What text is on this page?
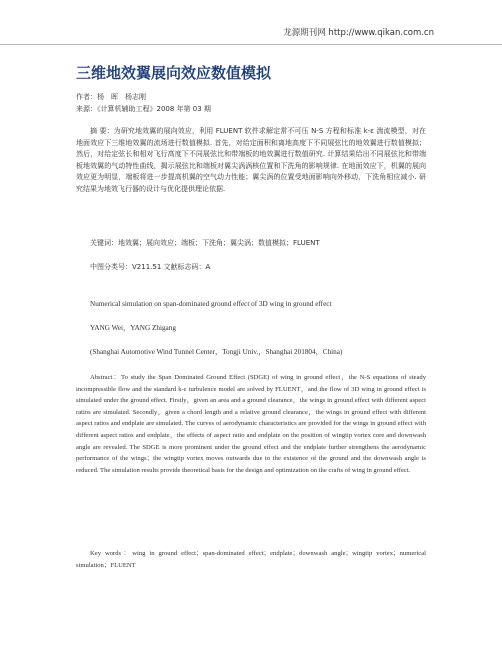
龙源期刊网 http://www.qikan.com.cn
三维地效翼展向效应数值模拟
作者：杨　晖　杨志刚
来源：《计算机辅助工程》2008 年第 03 期

摘 要：为研究地效翼的展向效应，利用 FLUENT 软件求解定常不可压 N-S 方程和标准 k-ε 湍流模型，对在地面效应下三维地效翼的流场进行数值模拟. 首先，对给定面积和离地高度下不同展弦比的地效翼进行数值模拟；然后，对给定弦长和相对飞行高度下不同展弦比和带端板的地效翼进行数值研究. 计算结果给出不同展弦比和带端板地效翼的气动特性曲线，揭示展弦比和端板对翼尖涡涡核位置和下洗角的影响规律. 在地面效应下，机翼的展向效应更为明显，端板将进一步提高机翼的空气动力性能；翼尖涡的位置受地面影响向外移动，下洗角相应减小. 研究结果为地效飞行器的设计与优化提供理论依据.

关键词：地效翼；展向效应；端板；下洗角；翼尖涡；数值模拟；FLUENT
中图分类号：V211.51 文献标志码：A
Numerical simulation on span-dominated ground effect of 3D wing in ground effect
YANG Wei，YANG Zhigang
(Shanghai Automotive Wind Tunnel Center，Tongji Univ.，Shanghai 201804，China)

Abstract：To study the Span Dominated Ground Effect (SDGE) of wing in ground effect，the N-S equations of steady incompressible flow and the standard k-ε turbulence model are solved by FLUENT，and the flow of 3D wing in ground effect is simulated under the ground effect. Firstly，given an area and a ground clearance，the wings in ground effect with different aspect ratios are simulated. Secondly，given a chord length and a relative ground clearance，the wings in ground effect with different aspect ratios and endplate are simulated. The curves of aerodynamic characteristics are provided for the wings in ground effect with different aspect ratios and endplate，the effects of aspect ratio and endplate on the position of wingtip vortex core and downwash angle are revealed. The SDGE is more prominent under the ground effect and the endplate further strengthens the aerodynamic performance of the wings；the wingtip vortex moves outwards due to the existence of the ground and the downwash angle is reduced. The simulation results provide theoretical basis for the design and optimization on the crafts of wing in ground effect.

Key words：wing in ground effect；span-dominated effect；endplate；downwash angle；wingtip vortex；numerical simulation；FLUENT
